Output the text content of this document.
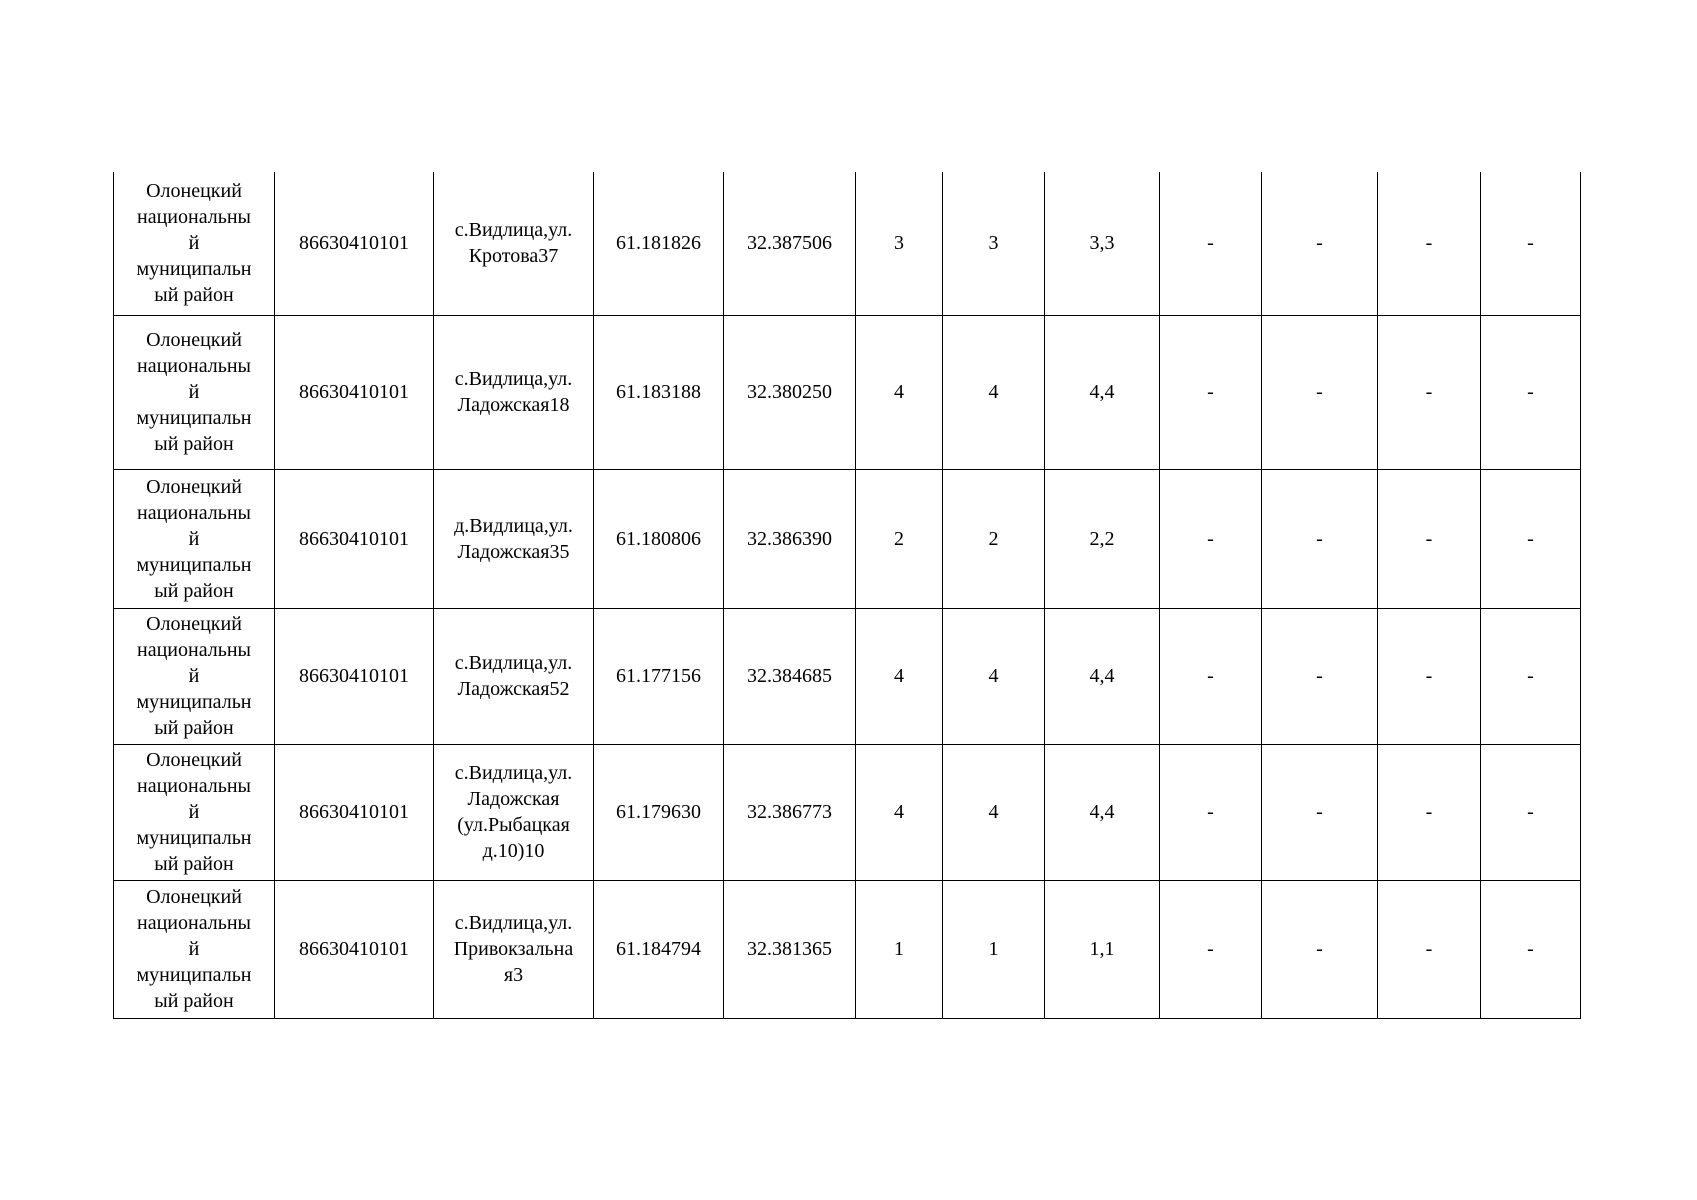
Олонецкий
национальны
й
муниципальн
ый район	86630410101	с.Видлица,ул.
Кротова37	61.181826	32.387506	3	3	3,3	-	-	-	-
Олонецкий
национальны
й
муниципальн
ый район	86630410101	с.Видлица,ул.
Ладожская18	61.183188	32.380250	4	4	4,4	-	-	-	-
Олонецкий
национальны
й
муниципальн
ый район	86630410101	д.Видлица,ул.
Ладожская35	61.180806	32.386390	2	2	2,2	-	-	-	-
Олонецкий
национальны
й
муниципальн
ый район	86630410101	с.Видлица,ул.
Ладожская52	61.177156	32.384685	4	4	4,4	-	-	-	-
Олонецкий
национальны
й
муниципальн
ый район	86630410101	с.Видлица,ул.
Ладожская
(ул.Рыбацкая
д.10)10	61.179630	32.386773	4	4	4,4	-	-	-	-
Олонецкий
национальны
й
муниципальн
ый район	86630410101	с.Видлица,ул.
Привокзальна
я3	61.184794	32.381365	1	1	1,1	-	-	-	-
